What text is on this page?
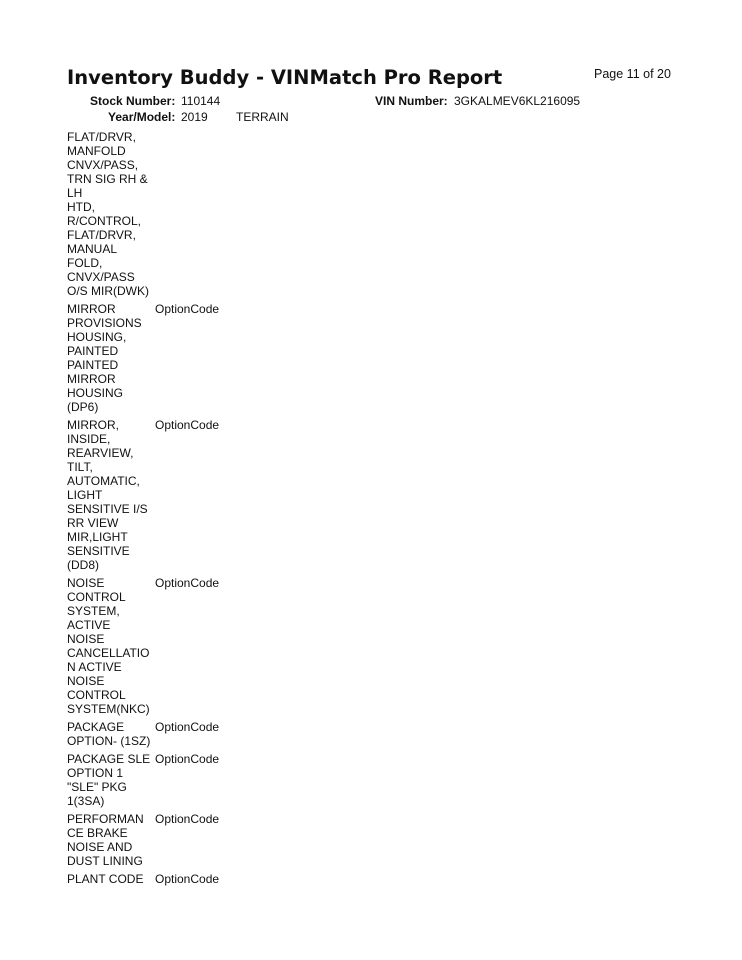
Inventory Buddy - VINMatch Pro Report	Page 11 of 20
Stock Number: 110144	VIN Number: 3GKALMEV6KL216095
Year/Model: 2019 TERRAIN
FLAT/DRVR,
MANFOLD
CNVX/PASS,
TRN SIG RH &
LH
HTD,
R/CONTROL,
FLAT/DRVR,
MANUAL
FOLD,
CNVX/PASS
O/S MIR(DWK)
MIRROR
PROVISIONS
HOUSING,
PAINTED
PAINTED
MIRROR
HOUSING
(DP6)
OptionCode
MIRROR,
INSIDE,
REARVIEW,
TILT,
AUTOMATIC,
LIGHT
SENSITIVE I/S
RR VIEW
MIR,LIGHT
SENSITIVE
(DD8)
OptionCode
NOISE
CONTROL
SYSTEM,
ACTIVE
NOISE
CANCELLATIO
N ACTIVE
NOISE
CONTROL
SYSTEM(NKC)
OptionCode
PACKAGE
OPTION- (1SZ)
OptionCode
PACKAGE SLE
OPTION 1
"SLE" PKG
1(3SA)
OptionCode
PERFORMAN
CE BRAKE
NOISE AND
DUST LINING
OptionCode
PLANT CODE OptionCode
